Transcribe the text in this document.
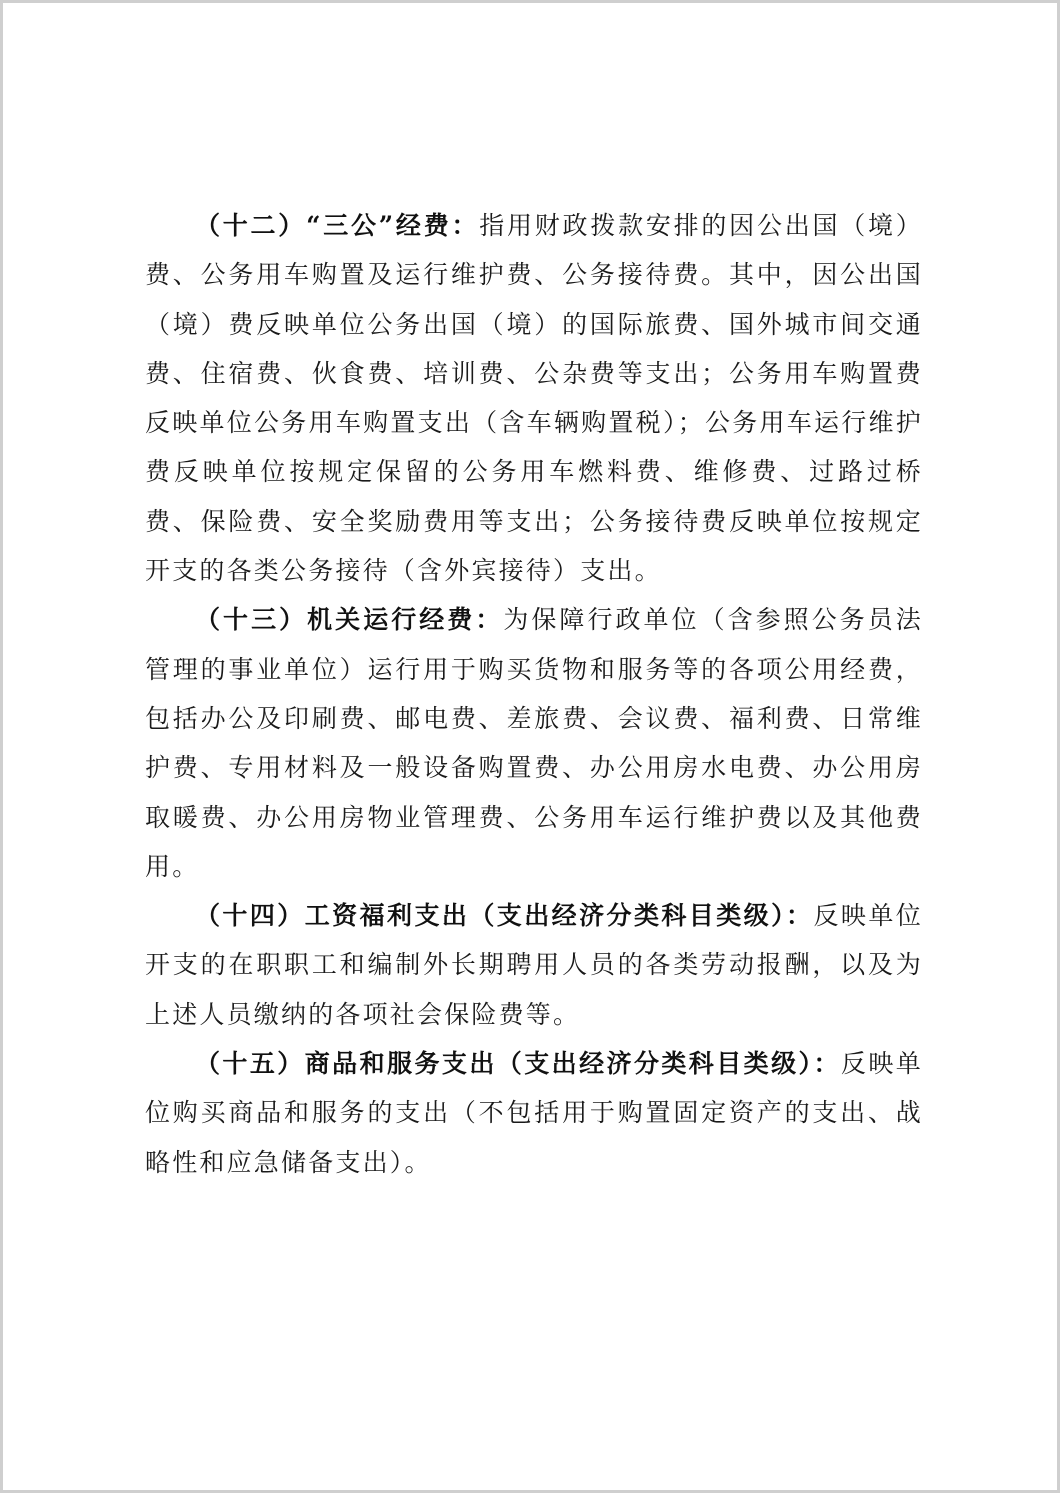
（十二）“三公”经费：指用财政拨款安排的因公出国（境）费、公务用车购置及运行维护费、公务接待费。其中，因公出国（境）费反映单位公务出国（境）的国际旅费、国外城市间交通费、住宿费、伙食费、培训费、公杂费等支出；公务用车购置费反映单位公务用车购置支出（含车辆购置税）；公务用车运行维护费反映单位按规定保留的公务用车燃料费、维修费、过路过桥费、保险费、安全奖励费用等支出；公务接待费反映单位按规定开支的各类公务接待（含外宾接待）支出。

（十三）机关运行经费：为保障行政单位（含参照公务员法管理的事业单位）运行用于购买货物和服务等的各项公用经费，包括办公及印刷费、邮电费、差旅费、会议费、福利费、日常维护费、专用材料及一般设备购置费、办公用房水电费、办公用房取暖费、办公用房物业管理费、公务用车运行维护费以及其他费用。

（十四）工资福利支出（支出经济分类科目类级）：反映单位开支的在职职工和编制外长期聘用人员的各类劳动报酬，以及为上述人员缴纳的各项社会保险费等。

（十五）商品和服务支出（支出经济分类科目类级）：反映单位购买商品和服务的支出（不包括用于购置固定资产的支出、战略性和应急储备支出）。
